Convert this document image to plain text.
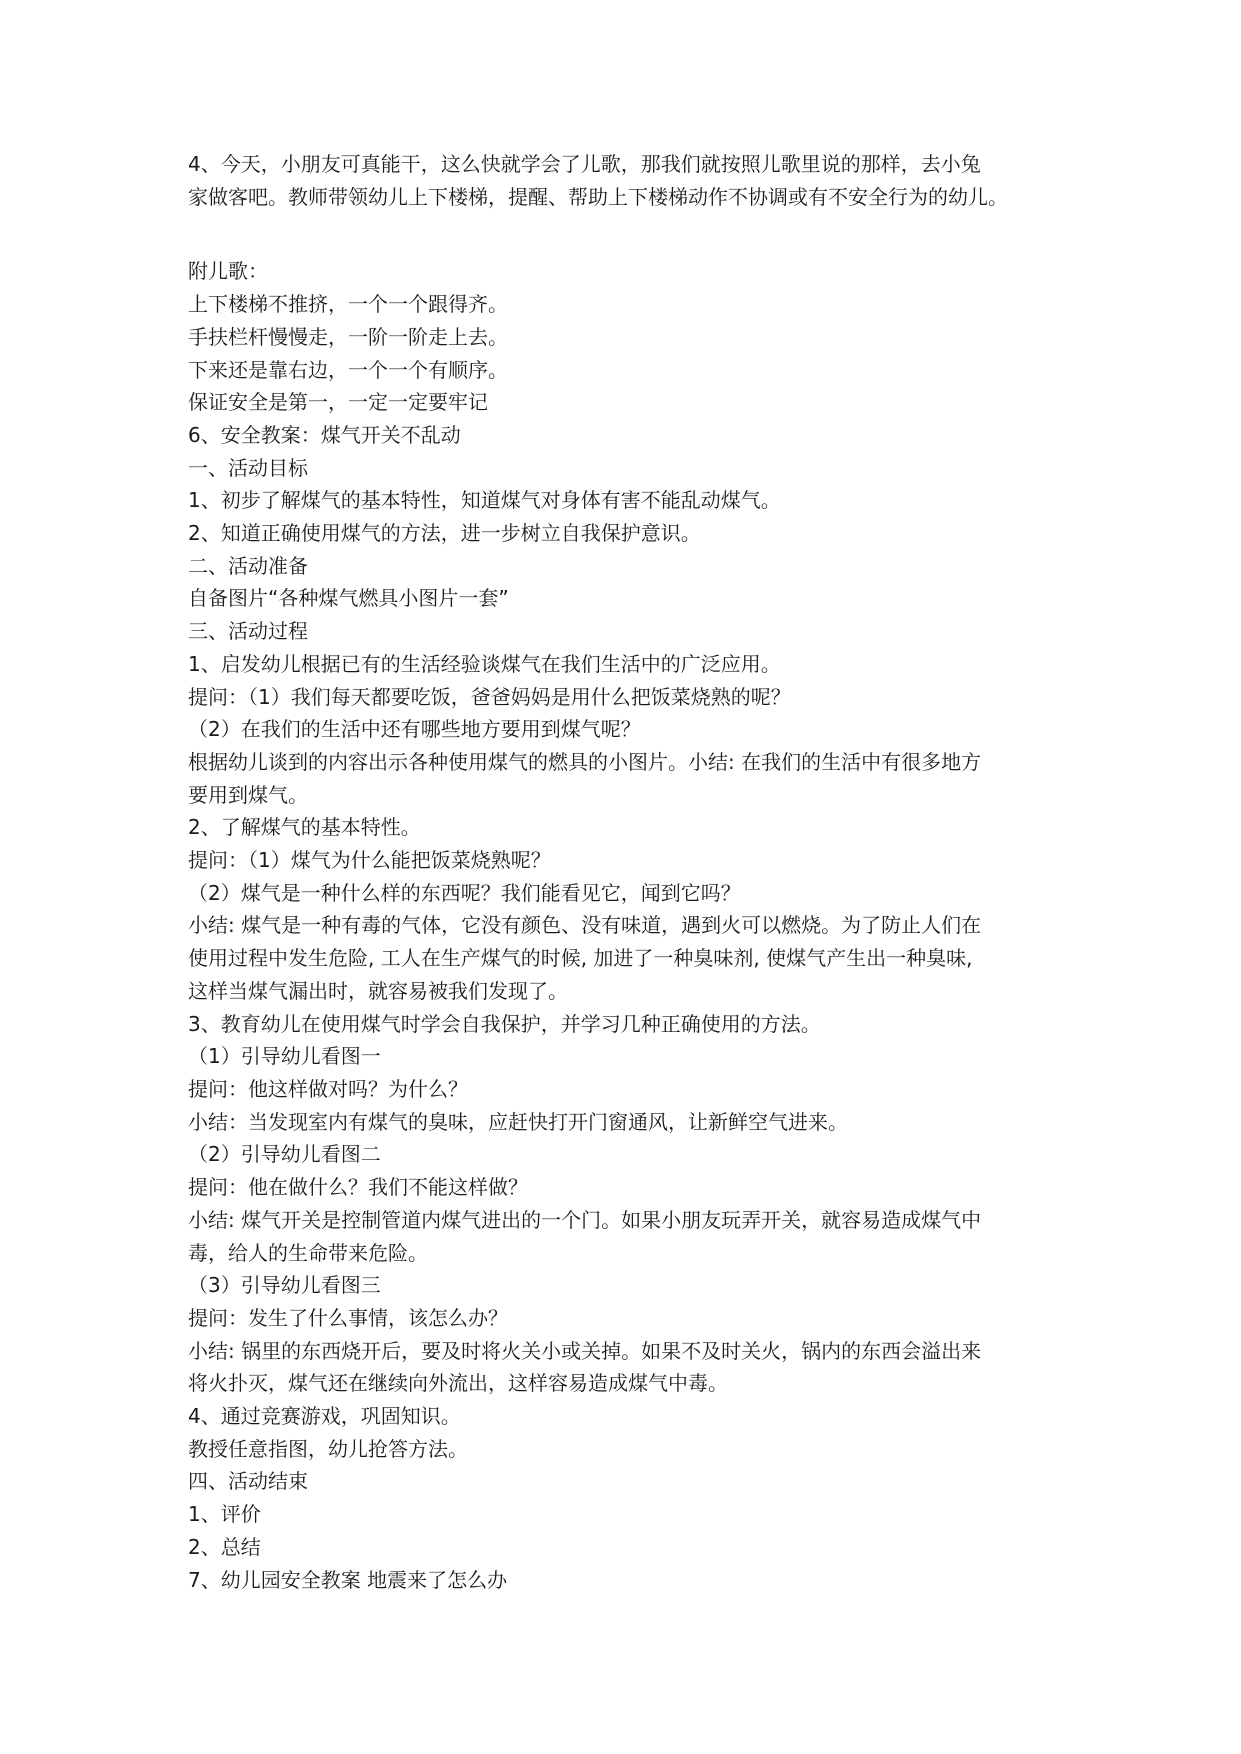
4、今天，小朋友可真能干，这么快就学会了儿歌，那我们就按照儿歌里说的那样，去小兔

家做客吧。教师带领幼儿上下楼梯，提醒、帮助上下楼梯动作不协调或有不安全行为的幼儿。

附儿歌：

上下楼梯不推挤，一个一个跟得齐。

手扶栏杆慢慢走，一阶一阶走上去。

下来还是靠右边，一个一个有顺序。

保证安全是第一，一定一定要牢记

6、安全教案：煤气开关不乱动

一、活动目标

1、初步了解煤气的基本特性，知道煤气对身体有害不能乱动煤气。

2、知道正确使用煤气的方法，进一步树立自我保护意识。

二、活动准备

自备图片“各种煤气燃具小图片一套”

三、活动过程

1、启发幼儿根据已有的生活经验谈煤气在我们生活中的广泛应用。

提问：（1）我们每天都要吃饭，爸爸妈妈是用什么把饭菜烧熟的呢？

（2）在我们的生活中还有哪些地方要用到煤气呢？

根据幼儿谈到的内容出示各种使用煤气的燃具的小图片。小结: 在我们的生活中有很多地方

要用到煤气。

2、了解煤气的基本特性。

提问：（1）煤气为什么能把饭菜烧熟呢？

（2）煤气是一种什么样的东西呢？我们能看见它，闻到它吗？

小结: 煤气是一种有毒的气体，它没有颜色、没有味道，遇到火可以燃烧。为了防止人们在

使用过程中发生危险, 工人在生产煤气的时候, 加进了一种臭味剂, 使煤气产生出一种臭味,

这样当煤气漏出时，就容易被我们发现了。

3、教育幼儿在使用煤气时学会自我保护，并学习几种正确使用的方法。

（1）引导幼儿看图一

提问：他这样做对吗？为什么？

小结：当发现室内有煤气的臭味，应赶快打开门窗通风，让新鲜空气进来。

（2）引导幼儿看图二

提问：他在做什么？我们不能这样做？

小结: 煤气开关是控制管道内煤气进出的一个门。如果小朋友玩弄开关，就容易造成煤气中

毒，给人的生命带来危险。

（3）引导幼儿看图三

提问：发生了什么事情，该怎么办？

小结: 锅里的东西烧开后，要及时将火关小或关掉。如果不及时关火，锅内的东西会溢出来

将火扑灭，煤气还在继续向外流出，这样容易造成煤气中毒。

4、通过竞赛游戏，巩固知识。

教授任意指图，幼儿抢答方法。

四、活动结束

1、评价

2、总结

7、幼儿园安全教案 地震来了怎么办
